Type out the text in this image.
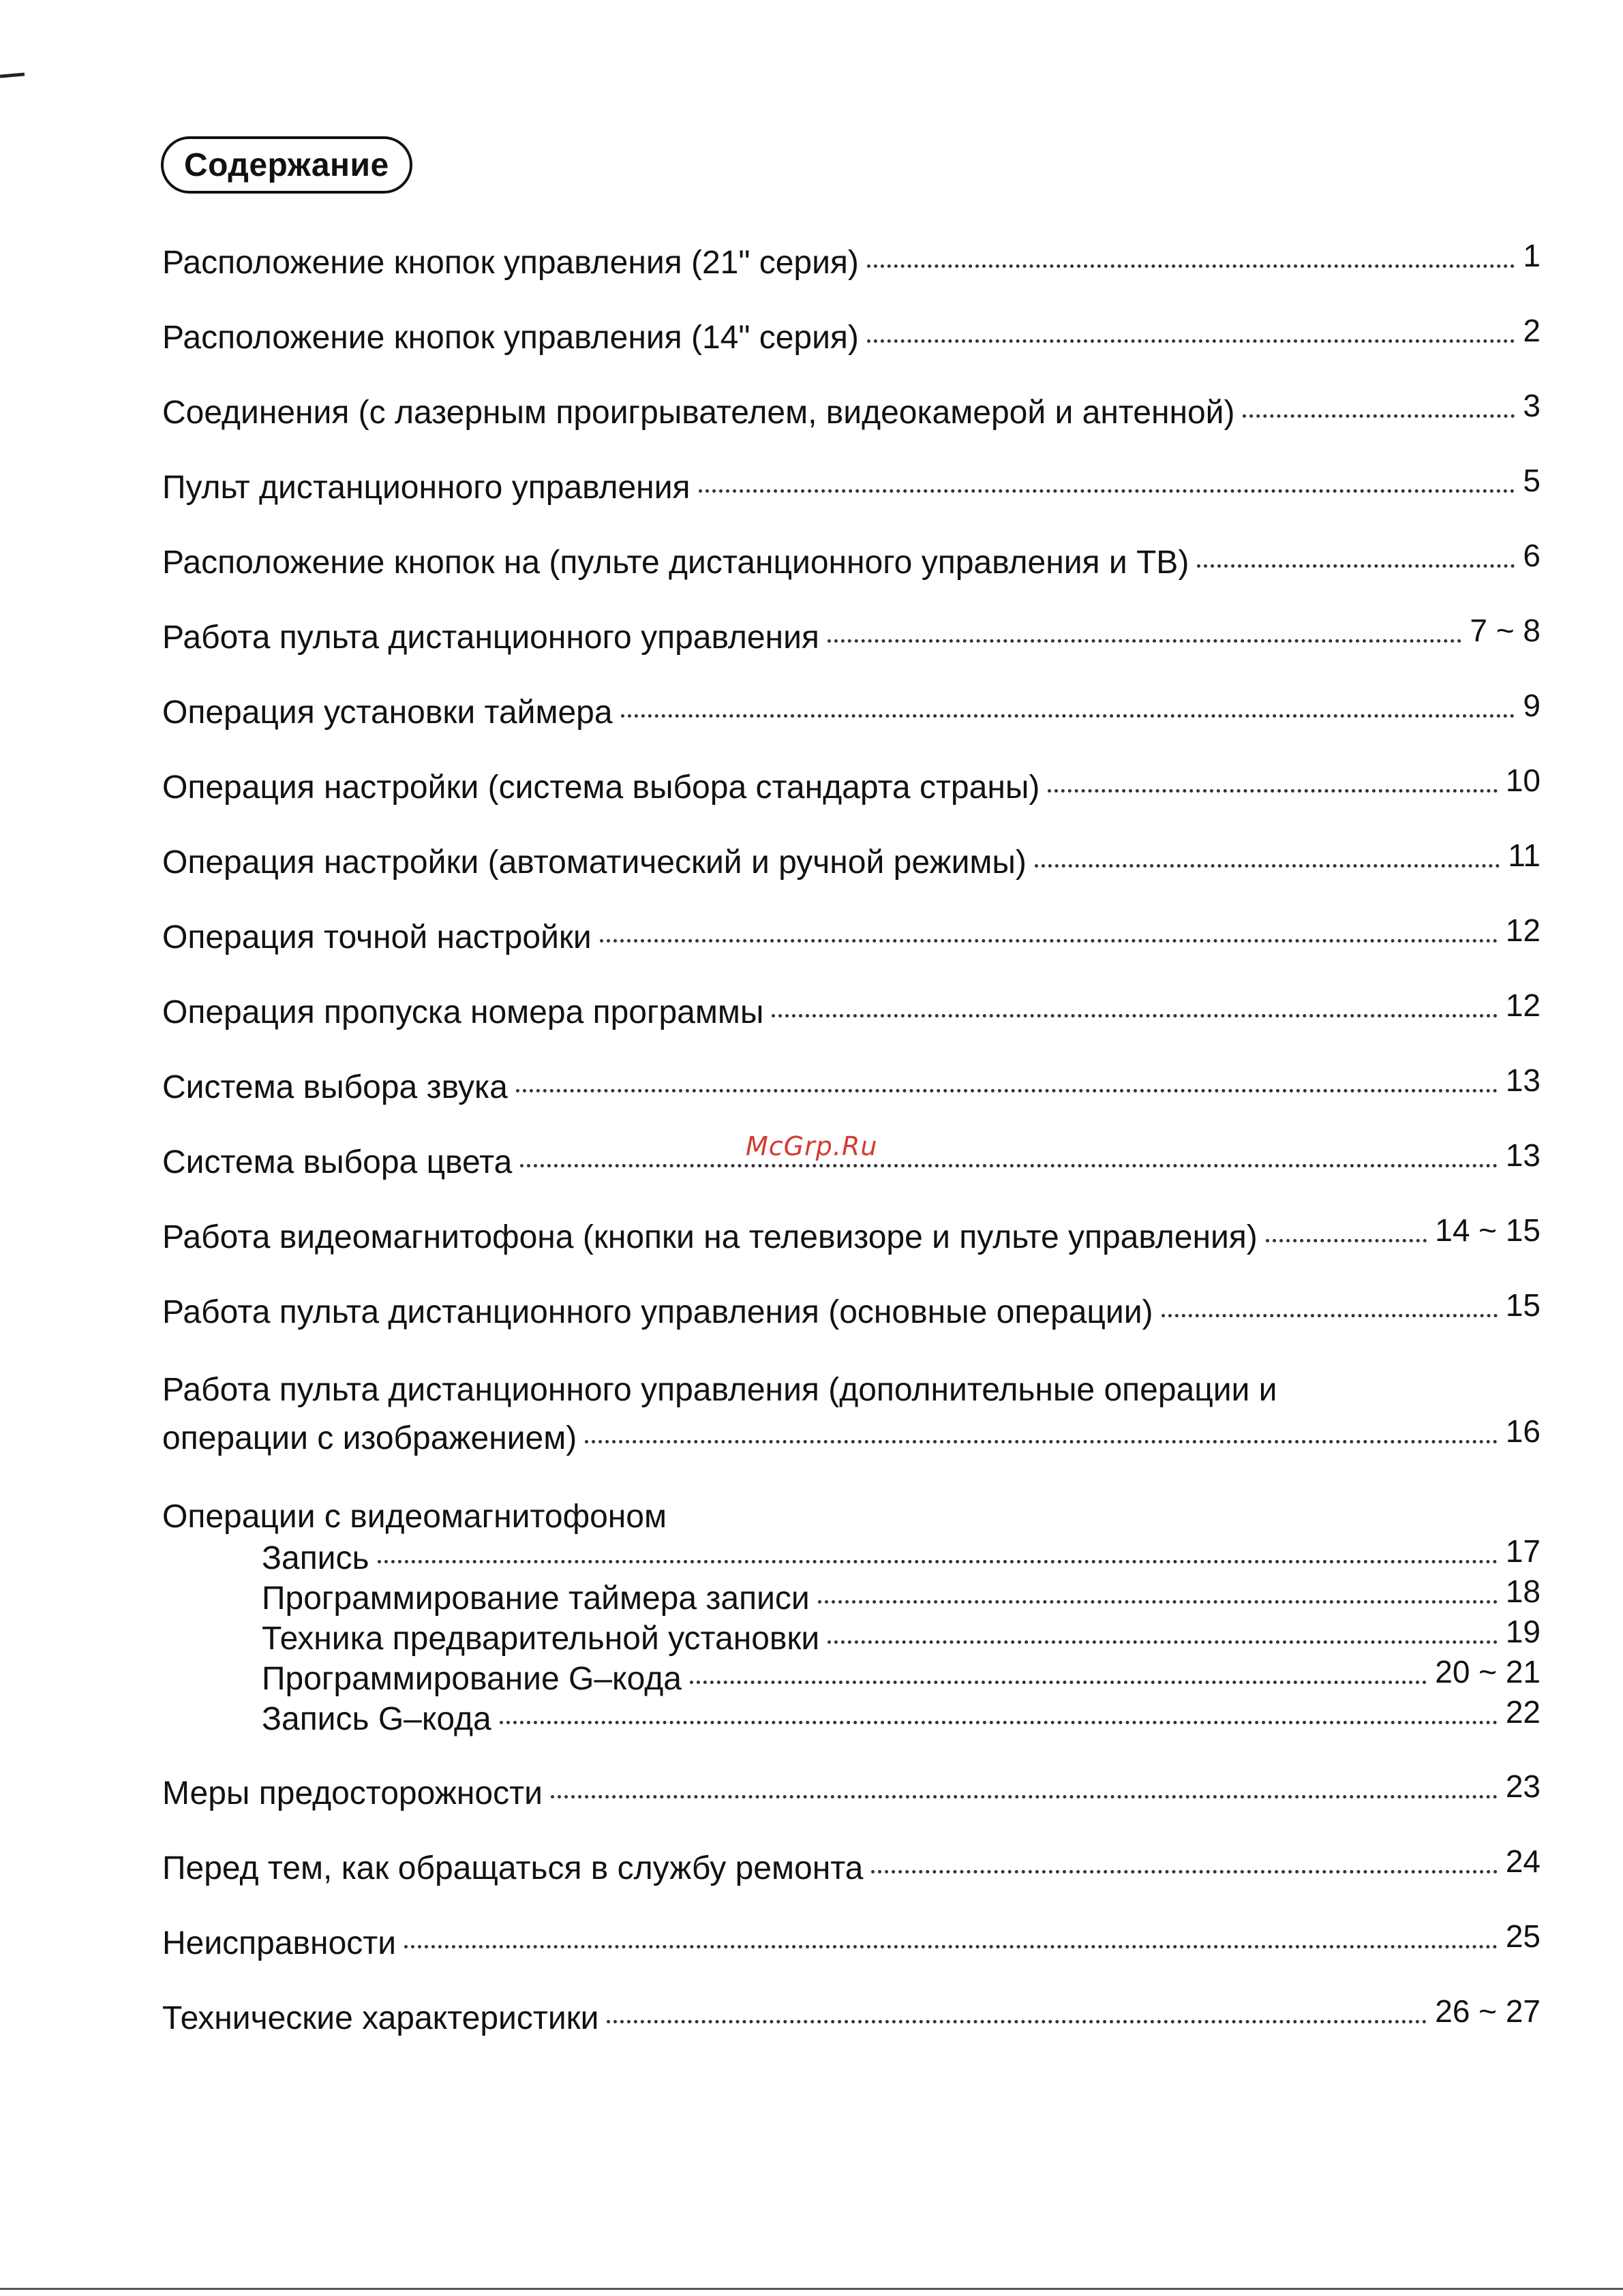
Содержание
Расположение кнопок управления (21" серия)	1
Расположение кнопок управления (14" серия)	2
Соединения (с лазерным проигрывателем, видеокамерой и антенной)	3
Пульт дистанционного управления	5
Расположение кнопок на (пульте дистанционного управления и ТВ)	6
Работа пульта дистанционного управления	7 ~ 8
Операция установки таймера	9
Операция настройки (система выбора стандарта страны)	10
Операция настройки (автоматический и ручной режимы)	11
Операция точной настройки	12
Операция пропуска номера программы	12
Система выбора звука	13
Система выбора цвета	13
Работа видеомагнитофона (кнопки на телевизоре и пульте управления)	14 ~ 15
Работа пульта дистанционного управления (основные операции)	15
Работа пульта дистанционного управления (дополнительные операции и
операции с изображением)	16
Операции с видеомагнитофоном
Запись	17
Программирование таймера записи	18
Техника предварительной установки	19
Программирование G–кода	20 ~ 21
Запись G–кода	22
Меры предосторожности	23
Перед тем, как обращаться в службу ремонта	24
Неисправности	25
Технические характеристики	26 ~ 27
McGrp.Ru
